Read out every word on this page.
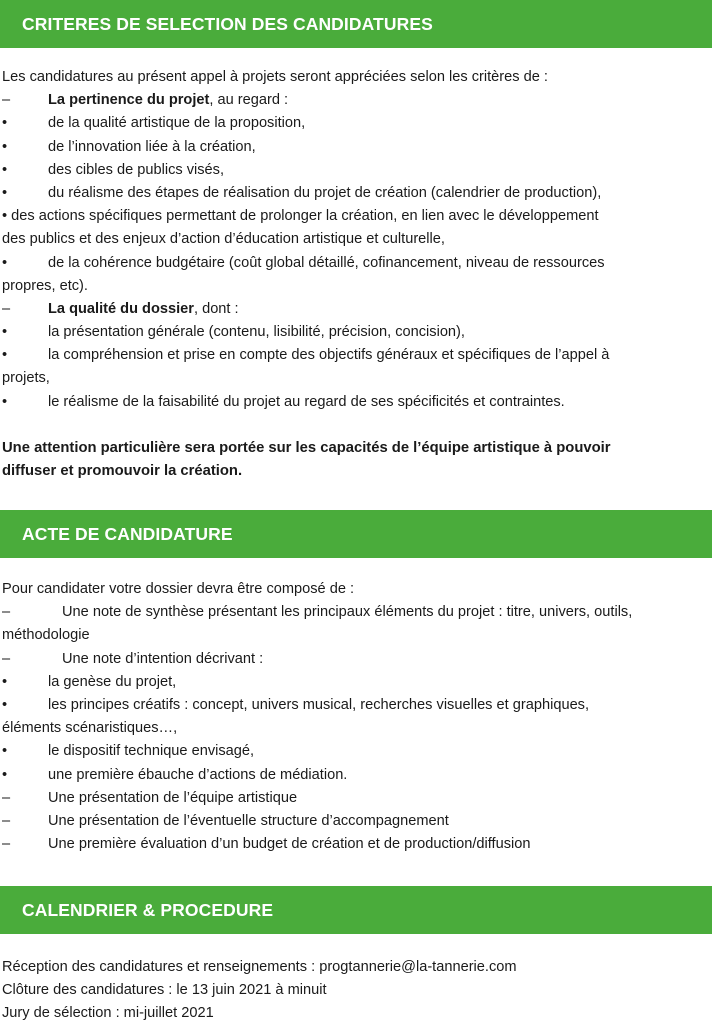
CRITERES DE SELECTION DES CANDIDATURES
Les candidatures au présent appel à projets seront appréciées selon les critères de :
–	La pertinence du projet, au regard :
•	de la qualité artistique de la proposition,
•	de l’innovation liée à la création,
•	des cibles de publics visés,
•	du réalisme des étapes de réalisation du projet de création (calendrier de production),
• des actions spécifiques permettant de prolonger la création, en lien avec le développement
des publics et des enjeux d’action d’éducation artistique et culturelle,
•	de la cohérence budgétaire (coût global détaillé, cofinancement, niveau de ressources
propres, etc).
–	La qualité du dossier, dont :
•	la présentation générale (contenu, lisibilité, précision, concision),
•	la compréhension et prise en compte des objectifs généraux et spécifiques de l’appel à
projets,
•	le réalisme de la faisabilité du projet au regard de ses spécificités et contraintes.
Une attention particulière sera portée sur les capacités de l’équipe artistique à pouvoir
diffuser et promouvoir la création.
ACTE DE CANDIDATURE
Pour candidater votre dossier devra être composé de :
–	Une note de synthèse présentant les principaux éléments du projet : titre, univers, outils,
méthodologie
–	Une note d’intention décrivant :
•	la genèse du projet,
•	les principes créatifs : concept, univers musical, recherches visuelles et graphiques,
éléments scénaristiques…,
•	le dispositif technique envisagé,
•	une première ébauche d’actions de médiation.
–	Une présentation de l’équipe artistique
–	Une présentation de l’éventuelle structure d’accompagnement
–	Une première évaluation d’un budget de création et de production/diffusion
CALENDRIER & PROCEDURE
Réception des candidatures et renseignements : progtannerie@la-tannerie.com
Clôture des candidatures : le 13 juin 2021 à minuit
Jury de sélection : mi-juillet 2021
